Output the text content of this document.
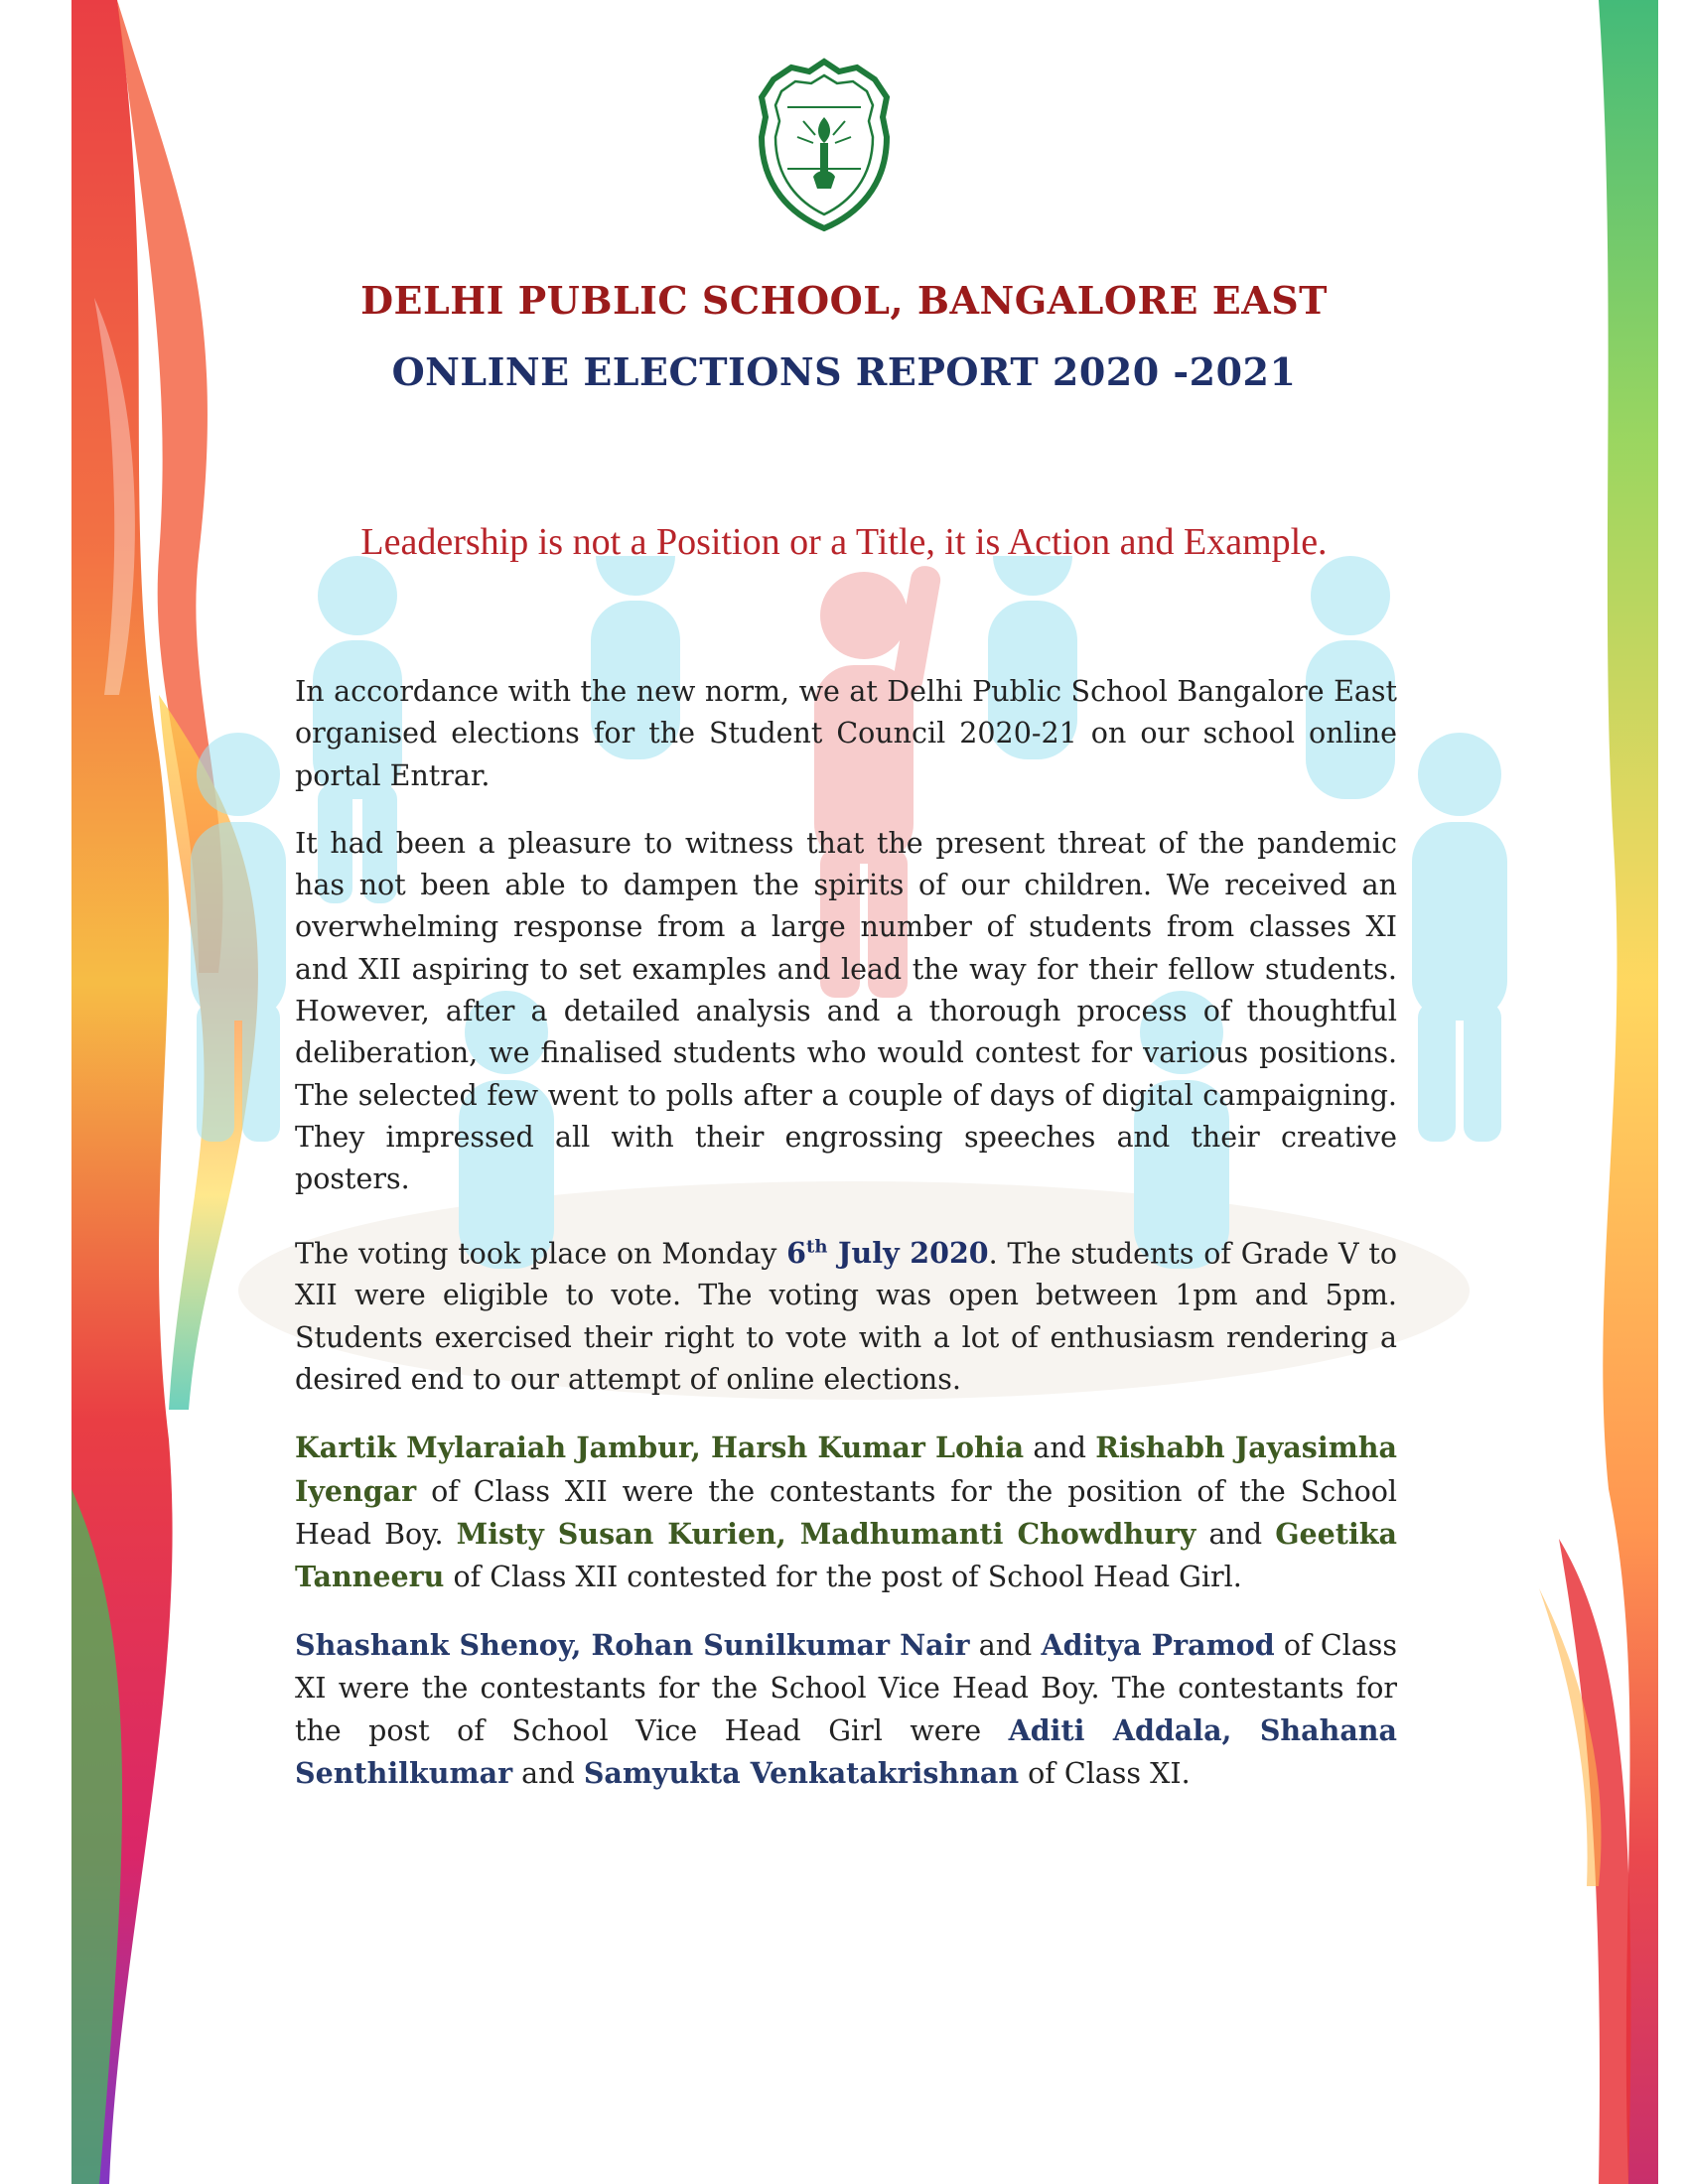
DELHI PUBLIC SCHOOL, BANGALORE EAST
ONLINE ELECTIONS REPORT 2020 -2021
Leadership is not a Position or a Title, it is Action and Example.

In accordance with the new norm, we at Delhi Public School Bangalore East organised elections for the Student Council 2020-21 on our school online portal Entrar.

It had been a pleasure to witness that the present threat of the pandemic has not been able to dampen the spirits of our children. We received an overwhelming response from a large number of students from classes XI and XII aspiring to set examples and lead the way for their fellow students. However, after a detailed analysis and a thorough process of thoughtful deliberation, we finalised students who would contest for various positions. The selected few went to polls after a couple of days of digital campaigning. They impressed all with their engrossing speeches and their creative posters.

The voting took place on Monday 6th July 2020. The students of Grade V to XII were eligible to vote. The voting was open between 1pm and 5pm. Students exercised their right to vote with a lot of enthusiasm rendering a desired end to our attempt of online elections.

Kartik Mylaraiah Jambur, Harsh Kumar Lohia and Rishabh Jayasimha Iyengar of Class XII were the contestants for the position of the School Head Boy. Misty Susan Kurien, Madhumanti Chowdhury and Geetika Tanneeru of Class XII contested for the post of School Head Girl.

Shashank Shenoy, Rohan Sunilkumar Nair and Aditya Pramod of Class XI were the contestants for the School Vice Head Boy. The contestants for the post of School Vice Head Girl were Aditi Addala, Shahana Senthilkumar and Samyukta Venkatakrishnan of Class XI.
